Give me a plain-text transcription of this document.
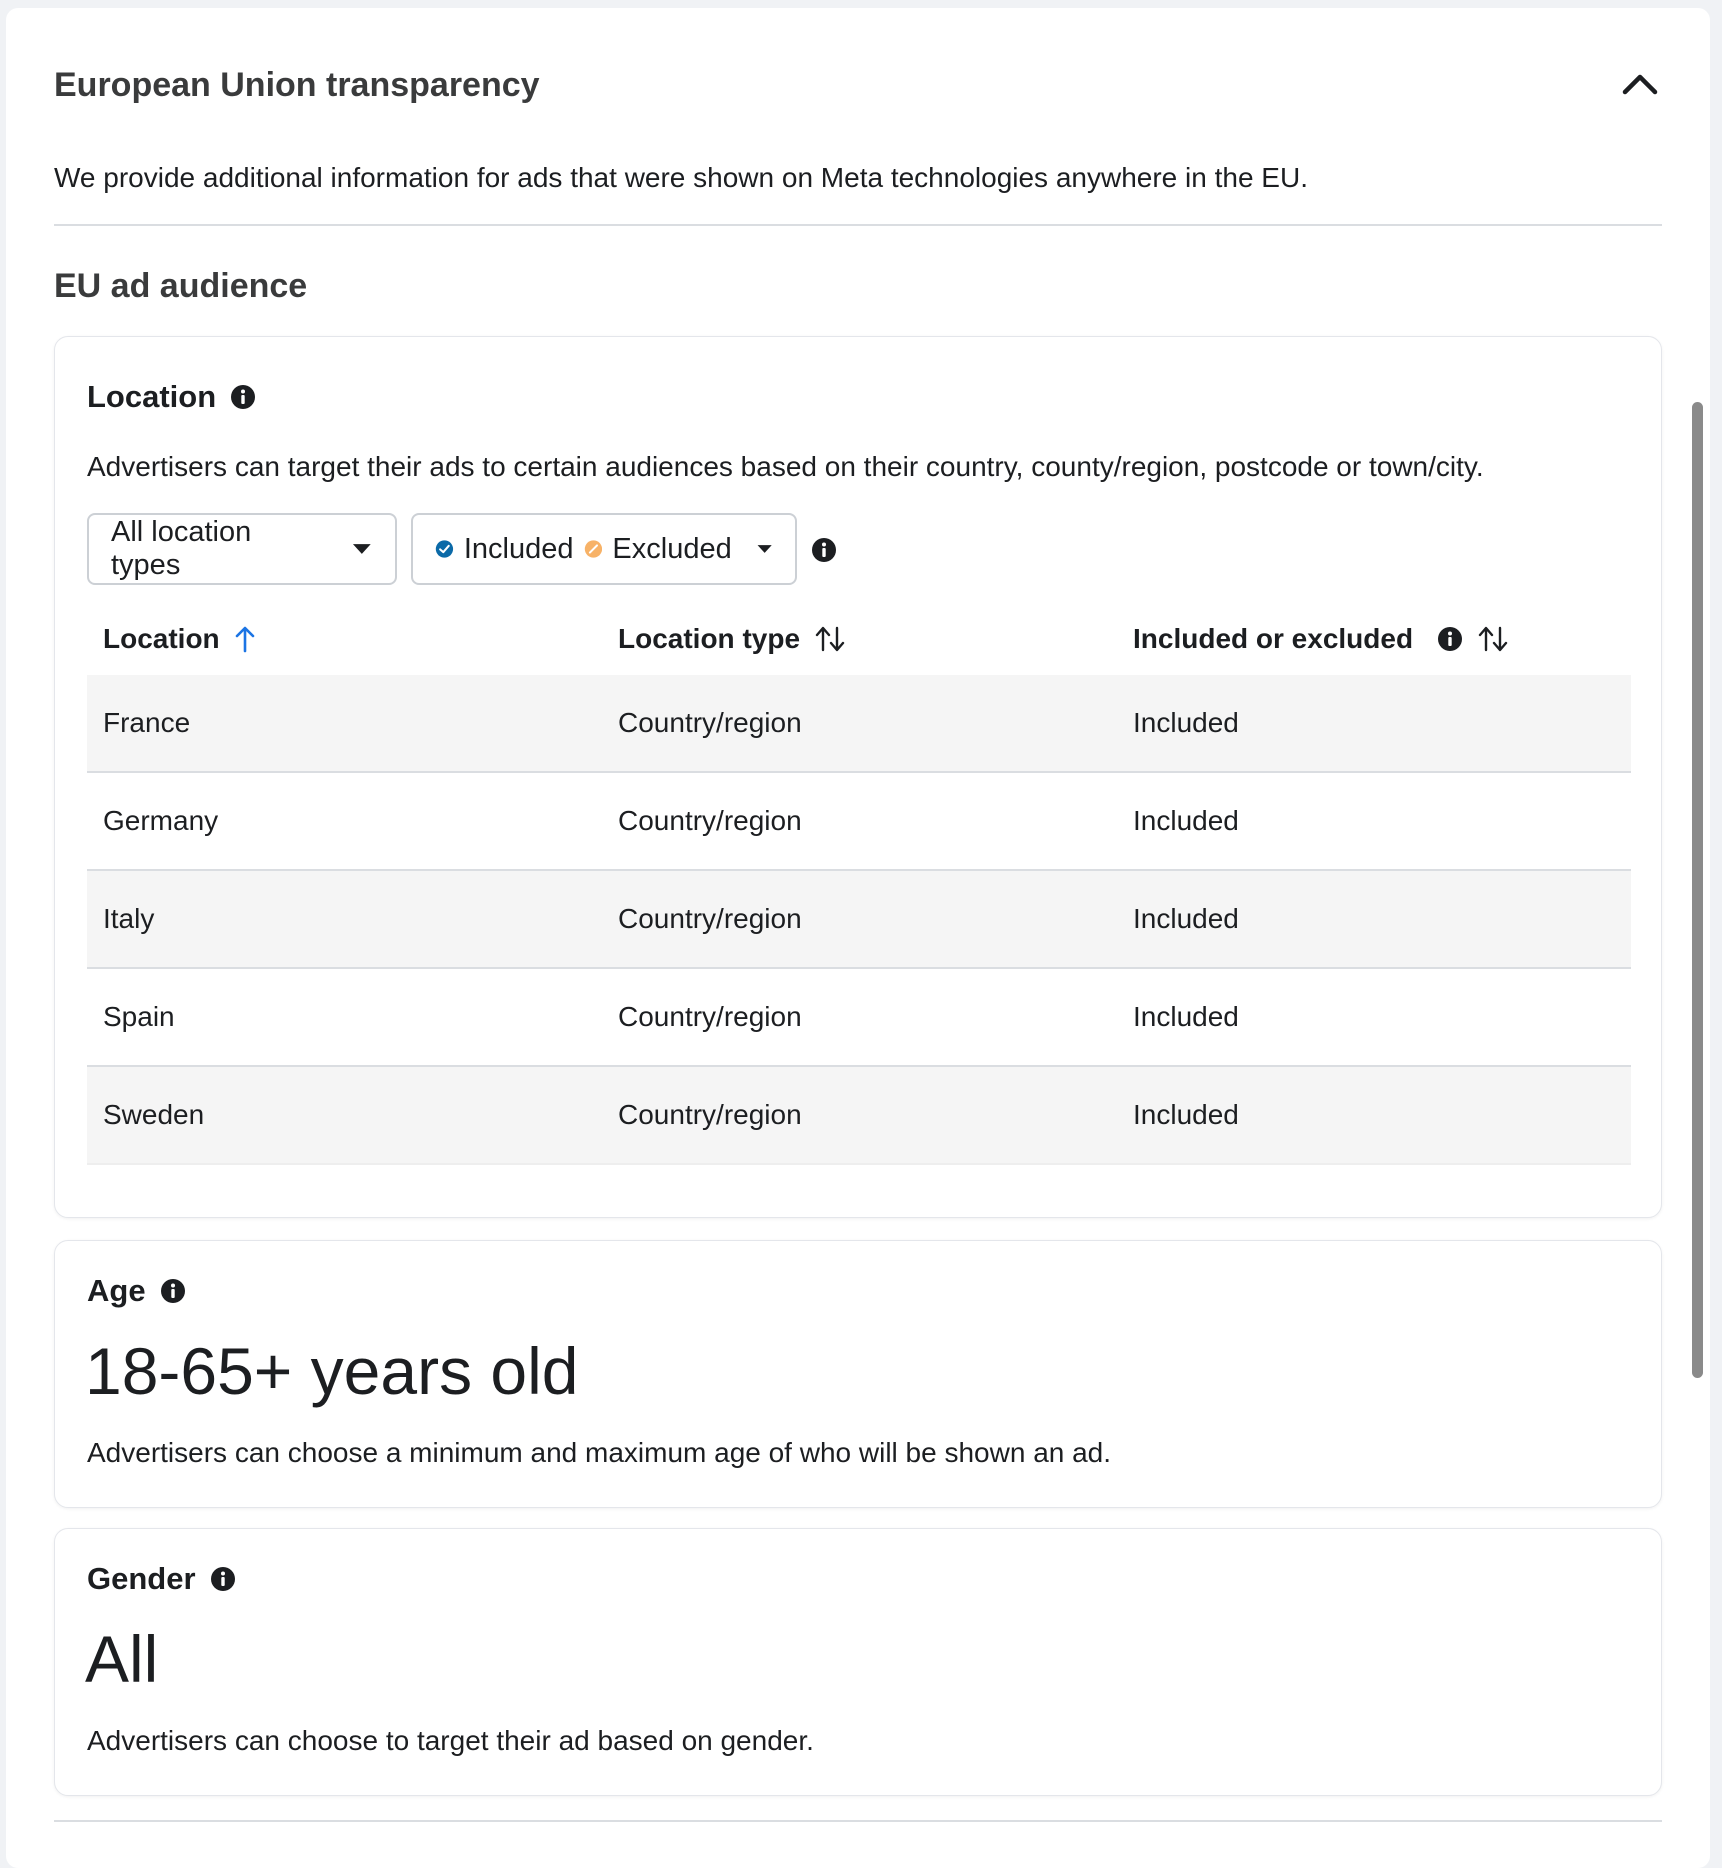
European Union transparency
We provide additional information for ads that were shown on Meta technologies anywhere in the EU.
EU ad audience
Location
Advertisers can target their ads to certain audiences based on their country, county/region, postcode or town/city.
All location types
Included Excluded
Location	Location type	Included or excluded
France	Country/region	Included
Germany	Country/region	Included
Italy	Country/region	Included
Spain	Country/region	Included
Sweden	Country/region	Included
Age
18-65+ years old
Advertisers can choose a minimum and maximum age of who will be shown an ad.
Gender
All
Advertisers can choose to target their ad based on gender.
